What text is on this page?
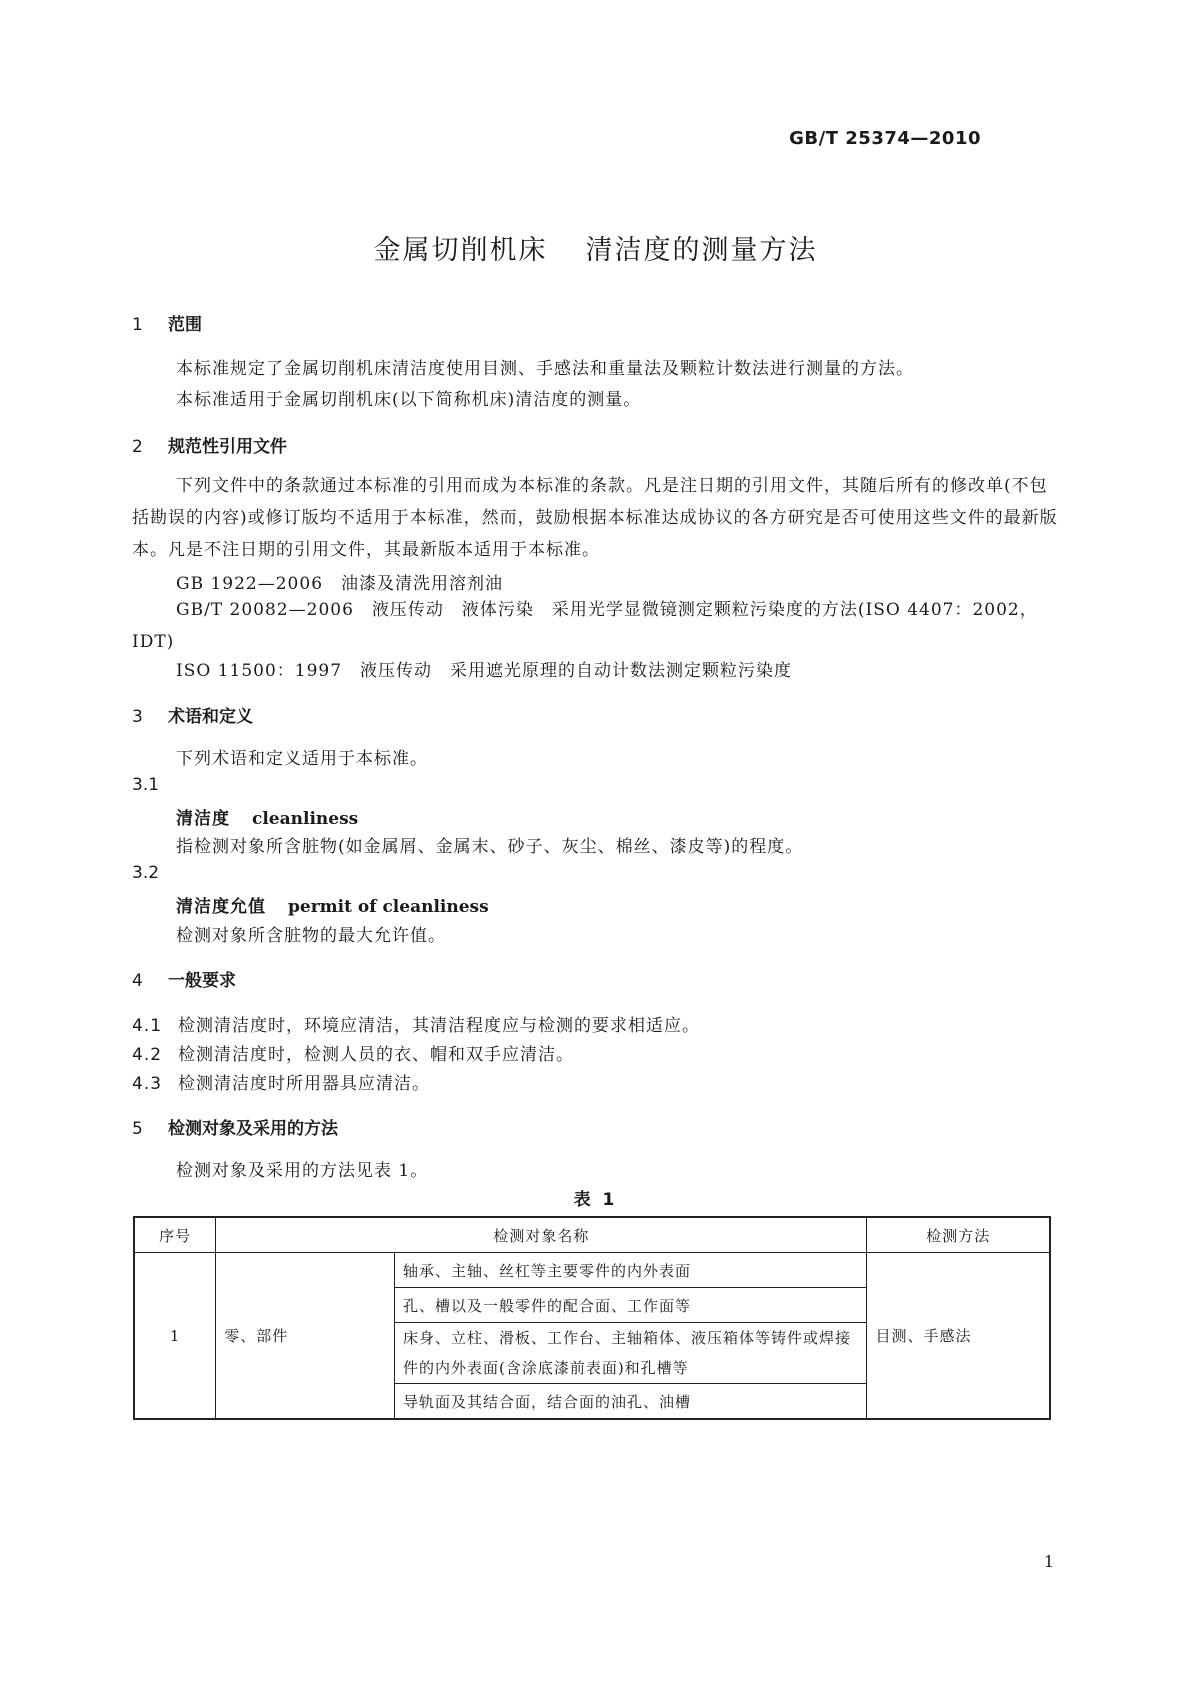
GB/T 25374—2010
金属切削机床 清洁度的测量方法
1 范围
本标准规定了金属切削机床清洁度使用目测、手感法和重量法及颗粒计数法进行测量的方法。
本标准适用于金属切削机床(以下简称机床)清洁度的测量。
2 规范性引用文件
下列文件中的条款通过本标准的引用而成为本标准的条款。凡是注日期的引用文件，其随后所有的修改单(不包括勘误的内容)或修订版均不适用于本标准，然而，鼓励根据本标准达成协议的各方研究是否可使用这些文件的最新版本。凡是不注日期的引用文件，其最新版本适用于本标准。
GB 1922—2006　油漆及清洗用溶剂油
GB/T 20082—2006　液压传动　液体污染　采用光学显微镜测定颗粒污染度的方法(ISO 4407：2002，IDT)
ISO 11500：1997　液压传动　采用遮光原理的自动计数法测定颗粒污染度
3 术语和定义
下列术语和定义适用于本标准。
3.1
清洁度 cleanliness
指检测对象所含脏物(如金属屑、金属末、砂子、灰尘、棉丝、漆皮等)的程度。
3.2
清洁度允值 permit of cleanliness
检测对象所含脏物的最大允许值。
4 一般要求
4.1 检测清洁度时，环境应清洁，其清洁程度应与检测的要求相适应。
4.2 检测清洁度时，检测人员的衣、帽和双手应清洁。
4.3 检测清洁度时所用器具应清洁。
5 检测对象及采用的方法
检测对象及采用的方法见表 1。
表 1
序号	检测对象名称		检测方法
1	零、部件	轴承、主轴、丝杠等主要零件的内外表面	目测、手感法
		孔、槽以及一般零件的配合面、工作面等	
		床身、立柱、滑板、工作台、主轴箱体、液压箱体等铸件或焊接件的内外表面(含涂底漆前表面)和孔槽等	
		导轨面及其结合面，结合面的油孔、油槽	
1
